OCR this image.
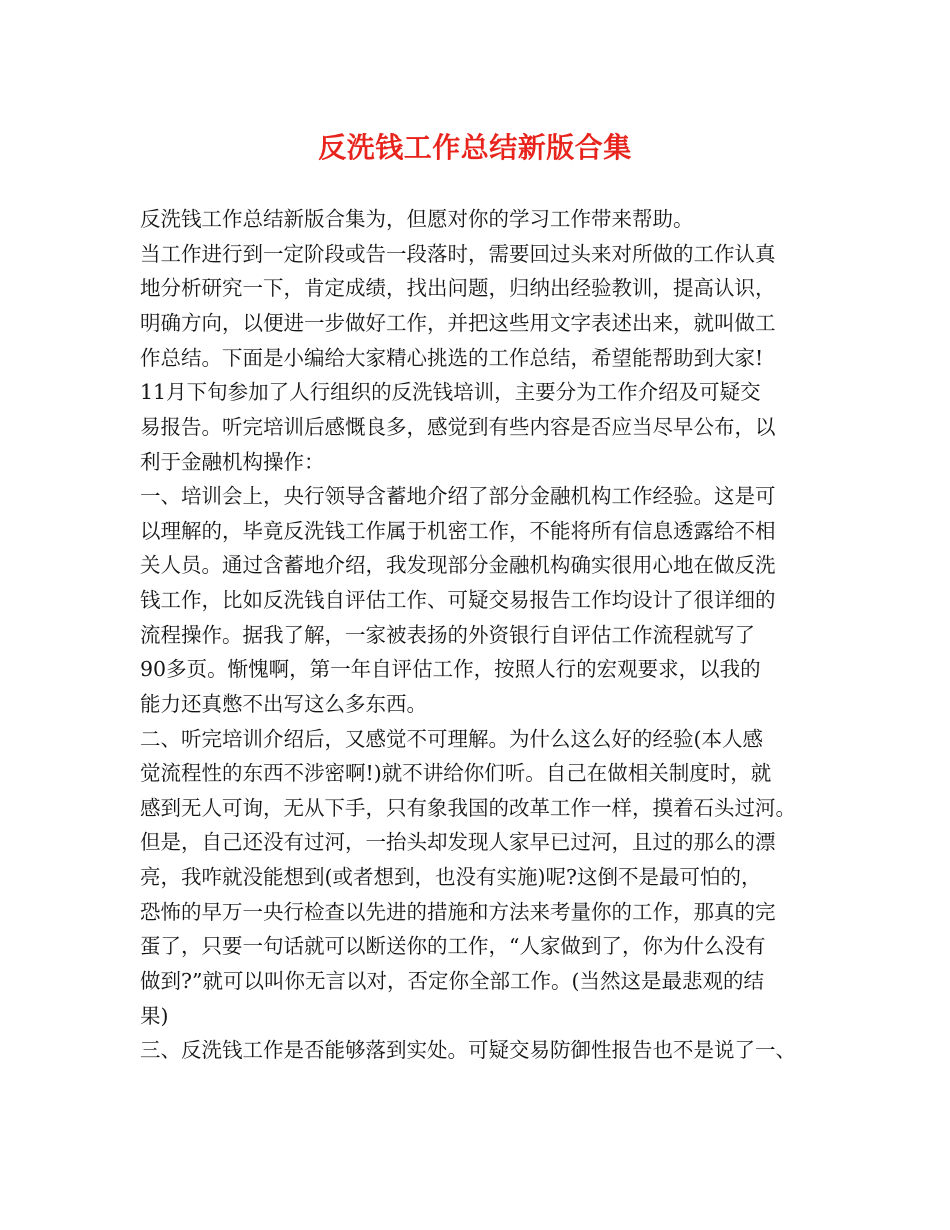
反洗钱工作总结新版合集
反洗钱工作总结新版合集为，但愿对你的学习工作带来帮助。
当工作进行到一定阶段或告一段落时，需要回过头来对所做的工作认真
地分析研究一下，肯定成绩，找出问题，归纳出经验教训，提高认识，
明确方向，以便进一步做好工作，并把这些用文字表述出来，就叫做工
作总结。下面是小编给大家精心挑选的工作总结，希望能帮助到大家!
11月下旬参加了人行组织的反洗钱培训，主要分为工作介绍及可疑交
易报告。听完培训后感慨良多，感觉到有些内容是否应当尽早公布，以
利于金融机构操作：
一、培训会上，央行领导含蓄地介绍了部分金融机构工作经验。这是可
以理解的，毕竟反洗钱工作属于机密工作，不能将所有信息透露给不相
关人员。通过含蓄地介绍，我发现部分金融机构确实很用心地在做反洗
钱工作，比如反洗钱自评估工作、可疑交易报告工作均设计了很详细的
流程操作。据我了解，一家被表扬的外资银行自评估工作流程就写了
90多页。惭愧啊，第一年自评估工作，按照人行的宏观要求，以我的
能力还真憋不出写这么多东西。
二、听完培训介绍后，又感觉不可理解。为什么这么好的经验(本人感
觉流程性的东西不涉密啊!)就不讲给你们听。自己在做相关制度时，就
感到无人可询，无从下手，只有象我国的改革工作一样，摸着石头过河。
但是，自己还没有过河，一抬头却发现人家早已过河，且过的那么的漂
亮，我咋就没能想到(或者想到，也没有实施)呢?这倒不是最可怕的，
恐怖的早万一央行检查以先进的措施和方法来考量你的工作，那真的完
蛋了，只要一句话就可以断送你的工作，“人家做到了，你为什么没有
做到?”就可以叫你无言以对，否定你全部工作。(当然这是最悲观的结
果)
三、反洗钱工作是否能够落到实处。可疑交易防御性报告也不是说了一、
